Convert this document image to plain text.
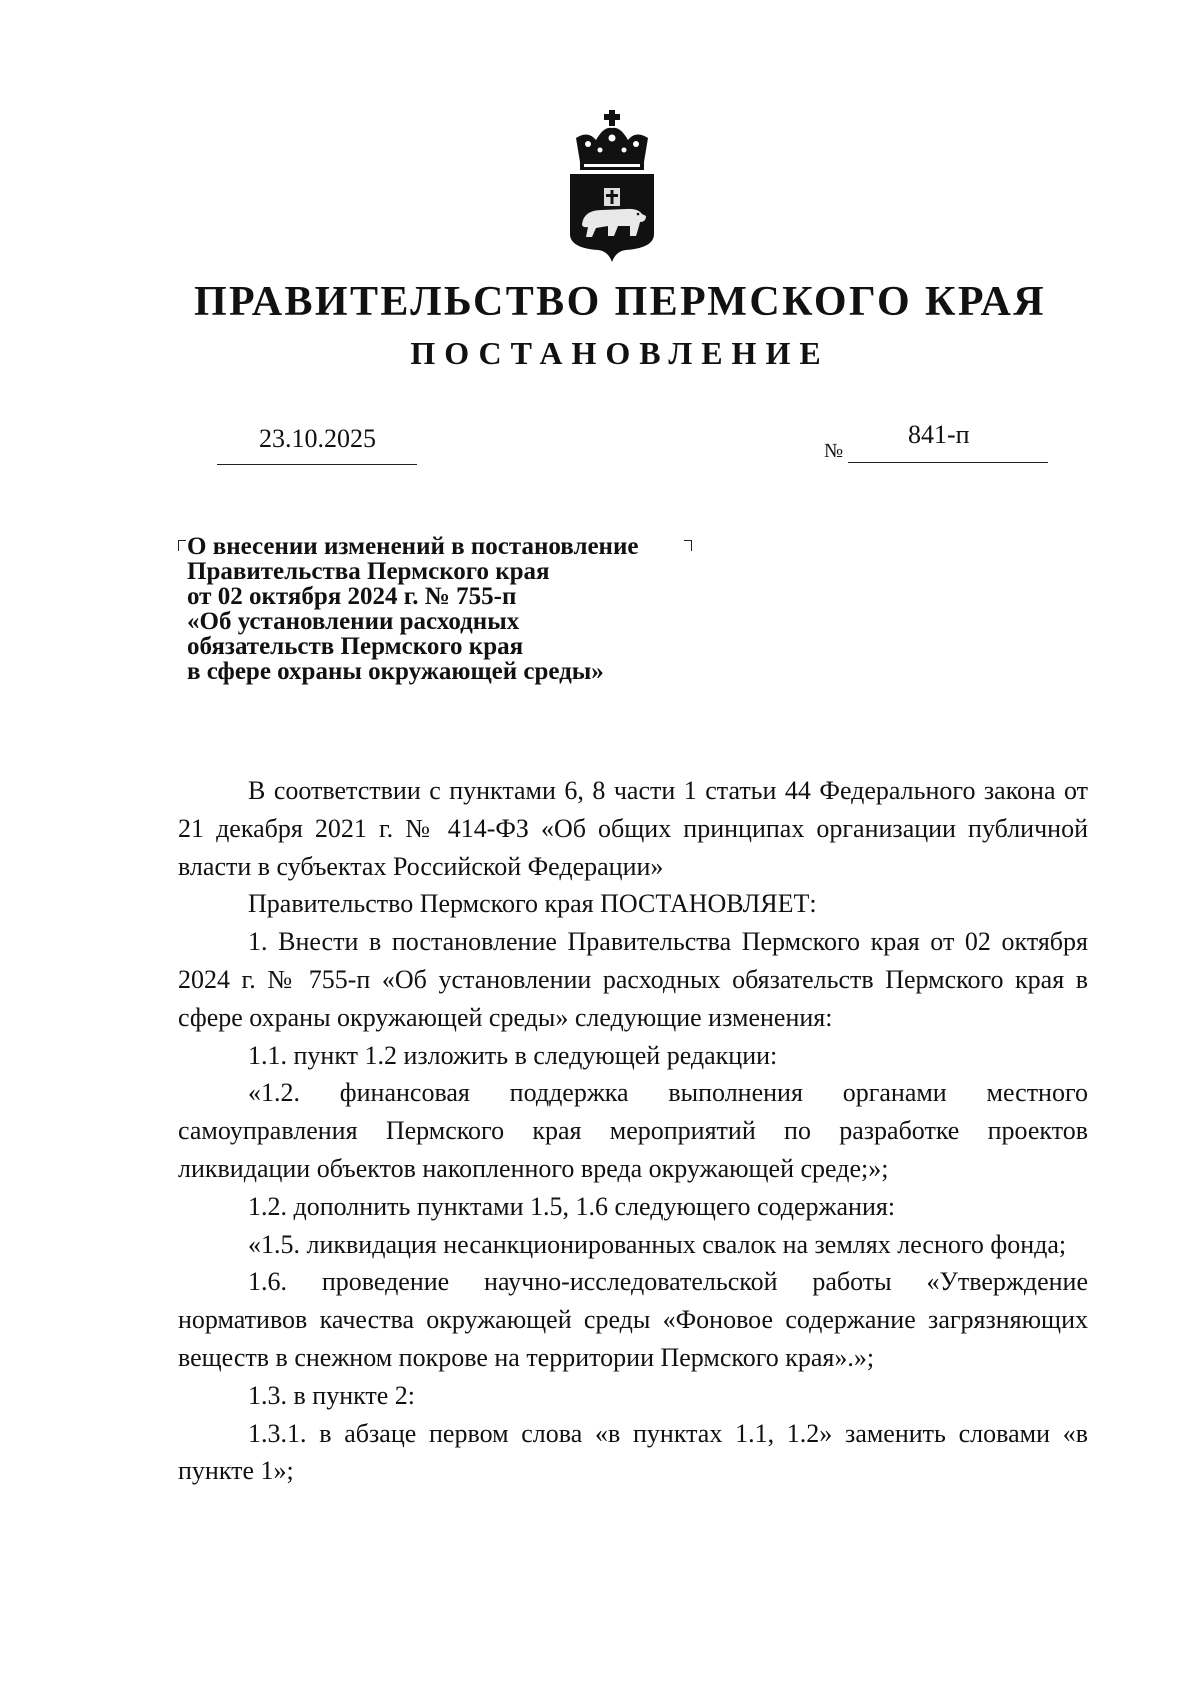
ПРАВИТЕЛЬСТВО ПЕРМСКОГО КРАЯ
ПОСТАНОВЛЕНИЕ
23.10.2025	№
841-п
О внесении изменений в постановление
Правительства Пермского края
от 02 октября 2024 г. № 755-п
«Об установлении расходных
обязательств Пермского края
в сфере охраны окружающей среды»

В соответствии с пунктами 6, 8 части 1 статьи 44 Федерального закона от 21 декабря 2021 г. № 414-ФЗ «Об общих принципах организации публичной власти в субъектах Российской Федерации»

Правительство Пермского края ПОСТАНОВЛЯЕТ:

1. Внести в постановление Правительства Пермского края от 02 октября 2024 г. № 755-п «Об установлении расходных обязательств Пермского края в сфере охраны окружающей среды» следующие изменения:

1.1. пункт 1.2 изложить в следующей редакции:

«1.2. финансовая поддержка выполнения органами местного самоуправления Пермского края мероприятий по разработке проектов ликвидации объектов накопленного вреда окружающей среде;»;

1.2. дополнить пунктами 1.5, 1.6 следующего содержания:

«1.5. ликвидация несанкционированных свалок на землях лесного фонда;

1.6. проведение научно-исследовательской работы «Утверждение нормативов качества окружающей среды «Фоновое содержание загрязняющих веществ в снежном покрове на территории Пермского края».»;

1.3. в пункте 2:

1.3.1. в абзаце первом слова «в пунктах 1.1, 1.2» заменить словами «в пункте 1»;
